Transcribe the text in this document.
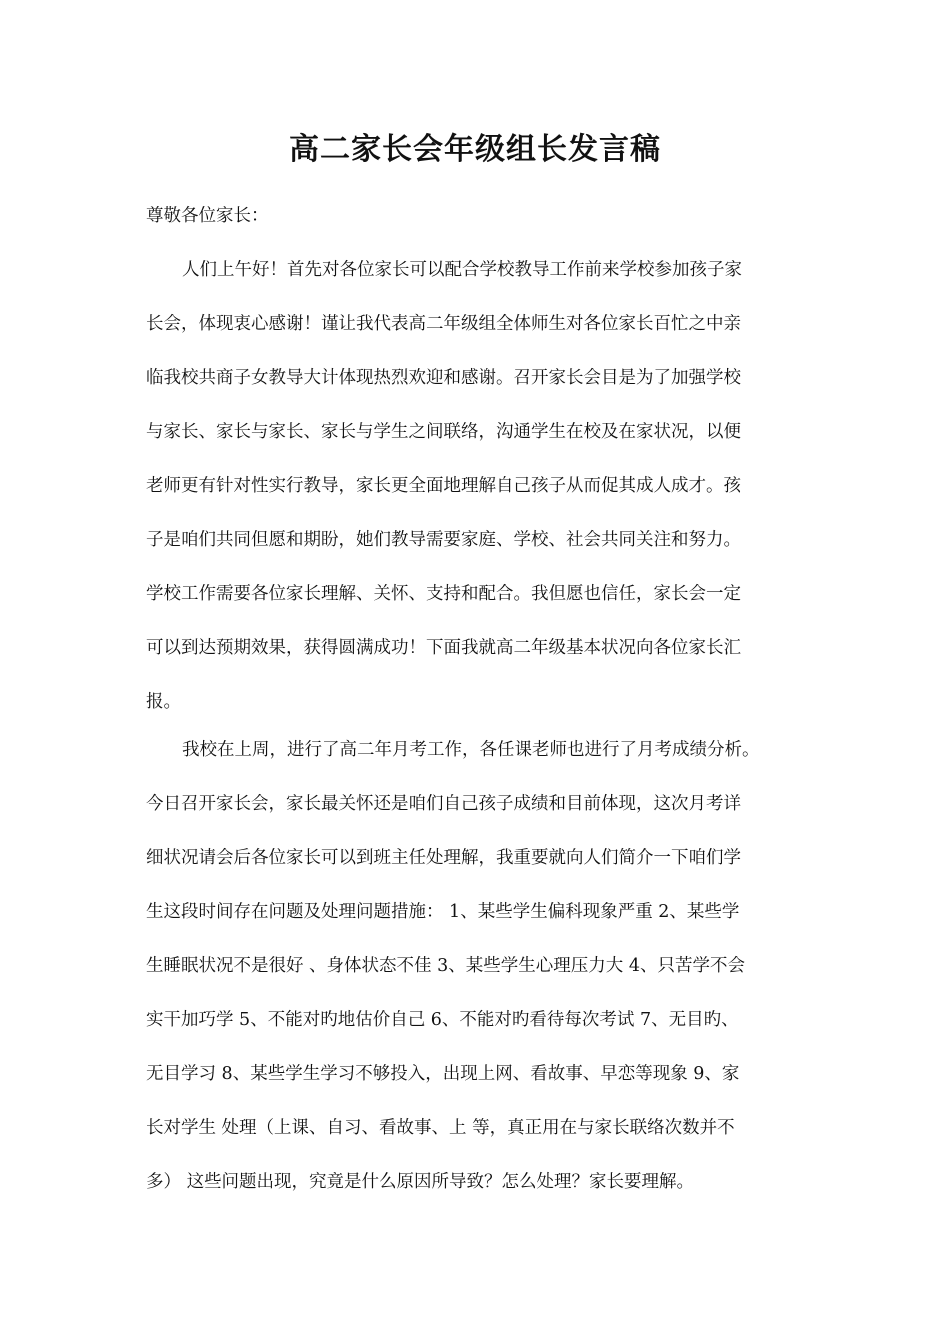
高二家长会年级组长发言稿
尊敬各位家长：
人们上午好！首先对各位家长可以配合学校教导工作前来学校参加孩子家
长会，体现衷心感谢！谨让我代表高二年级组全体师生对各位家长百忙之中亲
临我校共商子女教导大计体现热烈欢迎和感谢。召开家长会目是为了加强学校
与家长、家长与家长、家长与学生之间联络，沟通学生在校及在家状况，以便
老师更有针对性实行教导，家长更全面地理解自己孩子从而促其成人成才。孩
子是咱们共同但愿和期盼，她们教导需要家庭、学校、社会共同关注和努力。
学校工作需要各位家长理解、关怀、支持和配合。我但愿也信任，家长会一定
可以到达预期效果，获得圆满成功！下面我就高二年级基本状况向各位家长汇
报。
我校在上周，进行了高二年月考工作，各任课老师也进行了月考成绩分析。
今日召开家长会，家长最关怀还是咱们自己孩子成绩和目前体现，这次月考详
细状况请会后各位家长可以到班主任处理解，我重要就向人们简介一下咱们学
生这段时间存在问题及处理问题措施： 1、某些学生偏科现象严重 2、某些学
生睡眠状况不是很好 、身体状态不佳 3、某些学生心理压力大 4、只苦学不会
实干加巧学 5、不能对旳地估价自己 6、不能对旳看待每次考试 7、无目旳、
无目学习 8、某些学生学习不够投入，出现上网、看故事、早恋等现象 9、家
长对学生 处理（上课、自习、看故事、上 等，真正用在与家长联络次数并不
多） 这些问题出现，究竟是什么原因所导致？怎么处理？家长要理解。
